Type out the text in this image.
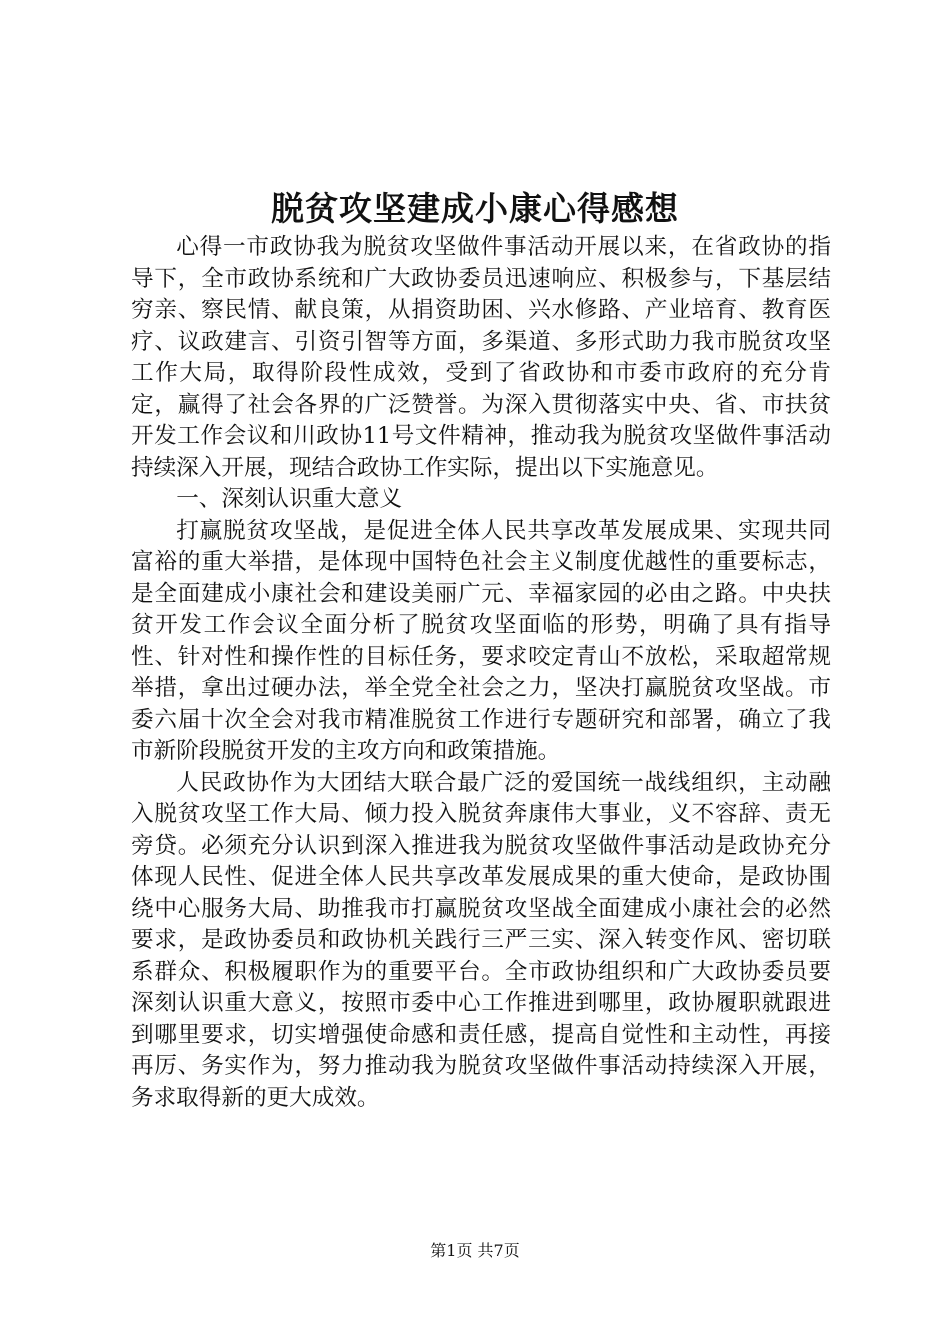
脱贫攻坚建成小康心得感想

心得一市政协我为脱贫攻坚做件事活动开展以来，在省政协的指导下，全市政协系统和广大政协委员迅速响应、积极参与，下基层结穷亲、察民情、献良策，从捐资助困、兴水修路、产业培育、教育医疗、议政建言、引资引智等方面，多渠道、多形式助力我市脱贫攻坚工作大局，取得阶段性成效，受到了省政协和市委市政府的充分肯定，赢得了社会各界的广泛赞誉。为深入贯彻落实中央、省、市扶贫开发工作会议和川政协11号文件精神，推动我为脱贫攻坚做件事活动持续深入开展，现结合政协工作实际，提出以下实施意见。

一、深刻认识重大意义

打赢脱贫攻坚战，是促进全体人民共享改革发展成果、实现共同富裕的重大举措，是体现中国特色社会主义制度优越性的重要标志，是全面建成小康社会和建设美丽广元、幸福家园的必由之路。中央扶贫开发工作会议全面分析了脱贫攻坚面临的形势，明确了具有指导性、针对性和操作性的目标任务，要求咬定青山不放松，采取超常规举措，拿出过硬办法，举全党全社会之力，坚决打赢脱贫攻坚战。市委六届十次全会对我市精准脱贫工作进行专题研究和部署，确立了我市新阶段脱贫开发的主攻方向和政策措施。

人民政协作为大团结大联合最广泛的爱国统一战线组织，主动融入脱贫攻坚工作大局、倾力投入脱贫奔康伟大事业，义不容辞、责无旁贷。必须充分认识到深入推进我为脱贫攻坚做件事活动是政协充分体现人民性、促进全体人民共享改革发展成果的重大使命，是政协围绕中心服务大局、助推我市打赢脱贫攻坚战全面建成小康社会的必然要求，是政协委员和政协机关践行三严三实、深入转变作风、密切联系群众、积极履职作为的重要平台。全市政协组织和广大政协委员要深刻认识重大意义，按照市委中心工作推进到哪里，政协履职就跟进到哪里要求，切实增强使命感和责任感，提高自觉性和主动性，再接再厉、务实作为，努力推动我为脱贫攻坚做件事活动持续深入开展，务求取得新的更大成效。

第1页 共7页
